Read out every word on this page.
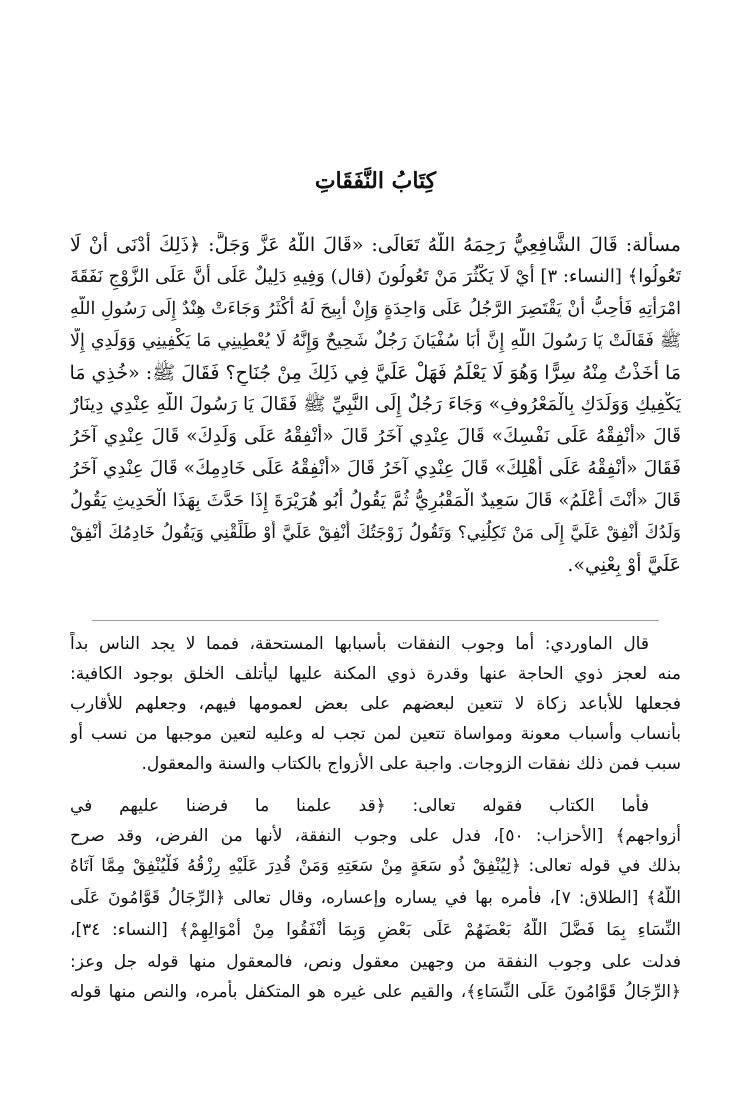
كِتَابُ النَّفَقَاتِ
مسألة: قَالَ الشَّافِعِيُّ رَحِمَهُ اللَّهُ تَعَالَى: «قَالَ اللَّهُ عَزَّ وَجَلَّ: ﴿ذَلِكَ أَدْنَى أَنْ لَا
تَعُولُوا﴾ [النساء: ٣] أَيْ لَا يَكْثُرَ مَنْ تَعُولُونَ (قال) وَفِيهِ دَلِيلٌ عَلَى أَنَّ عَلَى الزَّوْجِ نَفَقَةَ
امْرَأَتِهِ فَأُحِبُّ أَنْ يَقْتَصِرَ الرَّجُلُ عَلَى وَاحِدَةٍ وَإِنْ أُبِيحَ لَهُ أَكْثَرُ وَجَاءَتْ هِنْدٌ إِلَى رَسُولِ اللَّهِ
ﷺ فَقَالَتْ يَا رَسُولَ اللَّهِ إِنَّ أَبَا سُفْيَانَ رَجُلٌ شَحِيحٌ وَإِنَّهُ لَا يُعْطِينِي مَا يَكْفِينِي وَوَلَدِي إِلَّا
مَا أَخَذْتُ مِنْهُ سِرًّا وَهُوَ لَا يَعْلَمُ فَهَلْ عَلَيَّ فِي ذَلِكَ مِنْ جُنَاحٍ؟ فَقَالَ ﷺ: «خُذِي مَا
يَكْفِيكِ وَوَلَدَكِ بِالْمَعْرُوفِ» وَجَاءَ رَجُلٌ إِلَى النَّبِيِّ ﷺ فَقَالَ يَا رَسُولَ اللَّهِ عِنْدِي دِينَارٌ
قَالَ «أَنْفِقْهُ عَلَى نَفْسِكَ» قَالَ عِنْدِي آخَرُ قَالَ «أَنْفِقْهُ عَلَى وَلَدِكَ» قَالَ عِنْدِي آخَرُ
فَقَالَ «أَنْفِقْهُ عَلَى أَهْلِكَ» قَالَ عِنْدِي آخَرُ قَالَ «أَنْفِقْهُ عَلَى خَادِمِكَ» قَالَ عِنْدِي آخَرُ
قَالَ «أَنْتَ أَعْلَمُ» قَالَ سَعِيدٌ الْمَقْبُرِيُّ ثُمَّ يَقُولُ أَبُو هُرَيْرَةَ إِذَا حَدَّثَ بِهَذَا الْحَدِيثِ يَقُولُ
وَلَدُكَ أَنْفِقْ عَلَيَّ إِلَى مَنْ تَكِلُنِي؟ وَتَقُولُ زَوْجَتُكَ أَنْفِقْ عَلَيَّ أَوْ طَلِّقْنِي وَيَقُولُ خَادِمُكَ أَنْفِقْ
عَلَيَّ أَوْ بِعْنِي».
قال الماوردي: أما وجوب النفقات بأسبابها المستحقة، فمما لا يجد الناس بداً
منه لعجز ذوي الحاجة عنها وقدرة ذوي المكنة عليها ليأتلف الخلق بوجود الكافية:
فجعلها للأباعد زكاة لا تتعين لبعضهم على بعض لعمومها فيهم، وجعلهم للأقارب
بأنساب وأسباب معونة ومواساة تتعين لمن تجب له وعليه لتعين موجبها من نسب أو
سبب فمن ذلك نفقات الزوجات. واجبة على الأزواج بالكتاب والسنة والمعقول.
فأما الكتاب فقوله تعالى: ﴿قد علمنا ما فرضنا عليهم في
أزواجهم﴾ [الأحزاب: ٥٠]، فدل على وجوب النفقة، لأنها من الفرض، وقد صرح
بذلك في قوله تعالى: ﴿لِيُنْفِقْ ذُو سَعَةٍ مِنْ سَعَتِهِ وَمَنْ قُدِرَ عَلَيْهِ رِزْقُهُ فَلْيُنْفِقْ مِمَّا آتَاهُ
اللَّهُ﴾ [الطلاق: ٧]، فأمره بها في يساره وإعساره، وقال تعالى ﴿الرِّجَالُ قَوَّامُونَ عَلَى
النِّسَاءِ بِمَا فَضَّلَ اللَّهُ بَعْضَهُمْ عَلَى بَعْضٍ وَبِمَا أَنْفَقُوا مِنْ أَمْوَالِهِمْ﴾ [النساء: ٣٤]،
فدلت على وجوب النفقة من وجهين معقول ونص، فالمعقول منها قوله جل وعز:
﴿الرِّجَالُ قَوَّامُونَ عَلَى النِّسَاءِ﴾، والقيم على غيره هو المتكفل بأمره، والنص منها قوله
